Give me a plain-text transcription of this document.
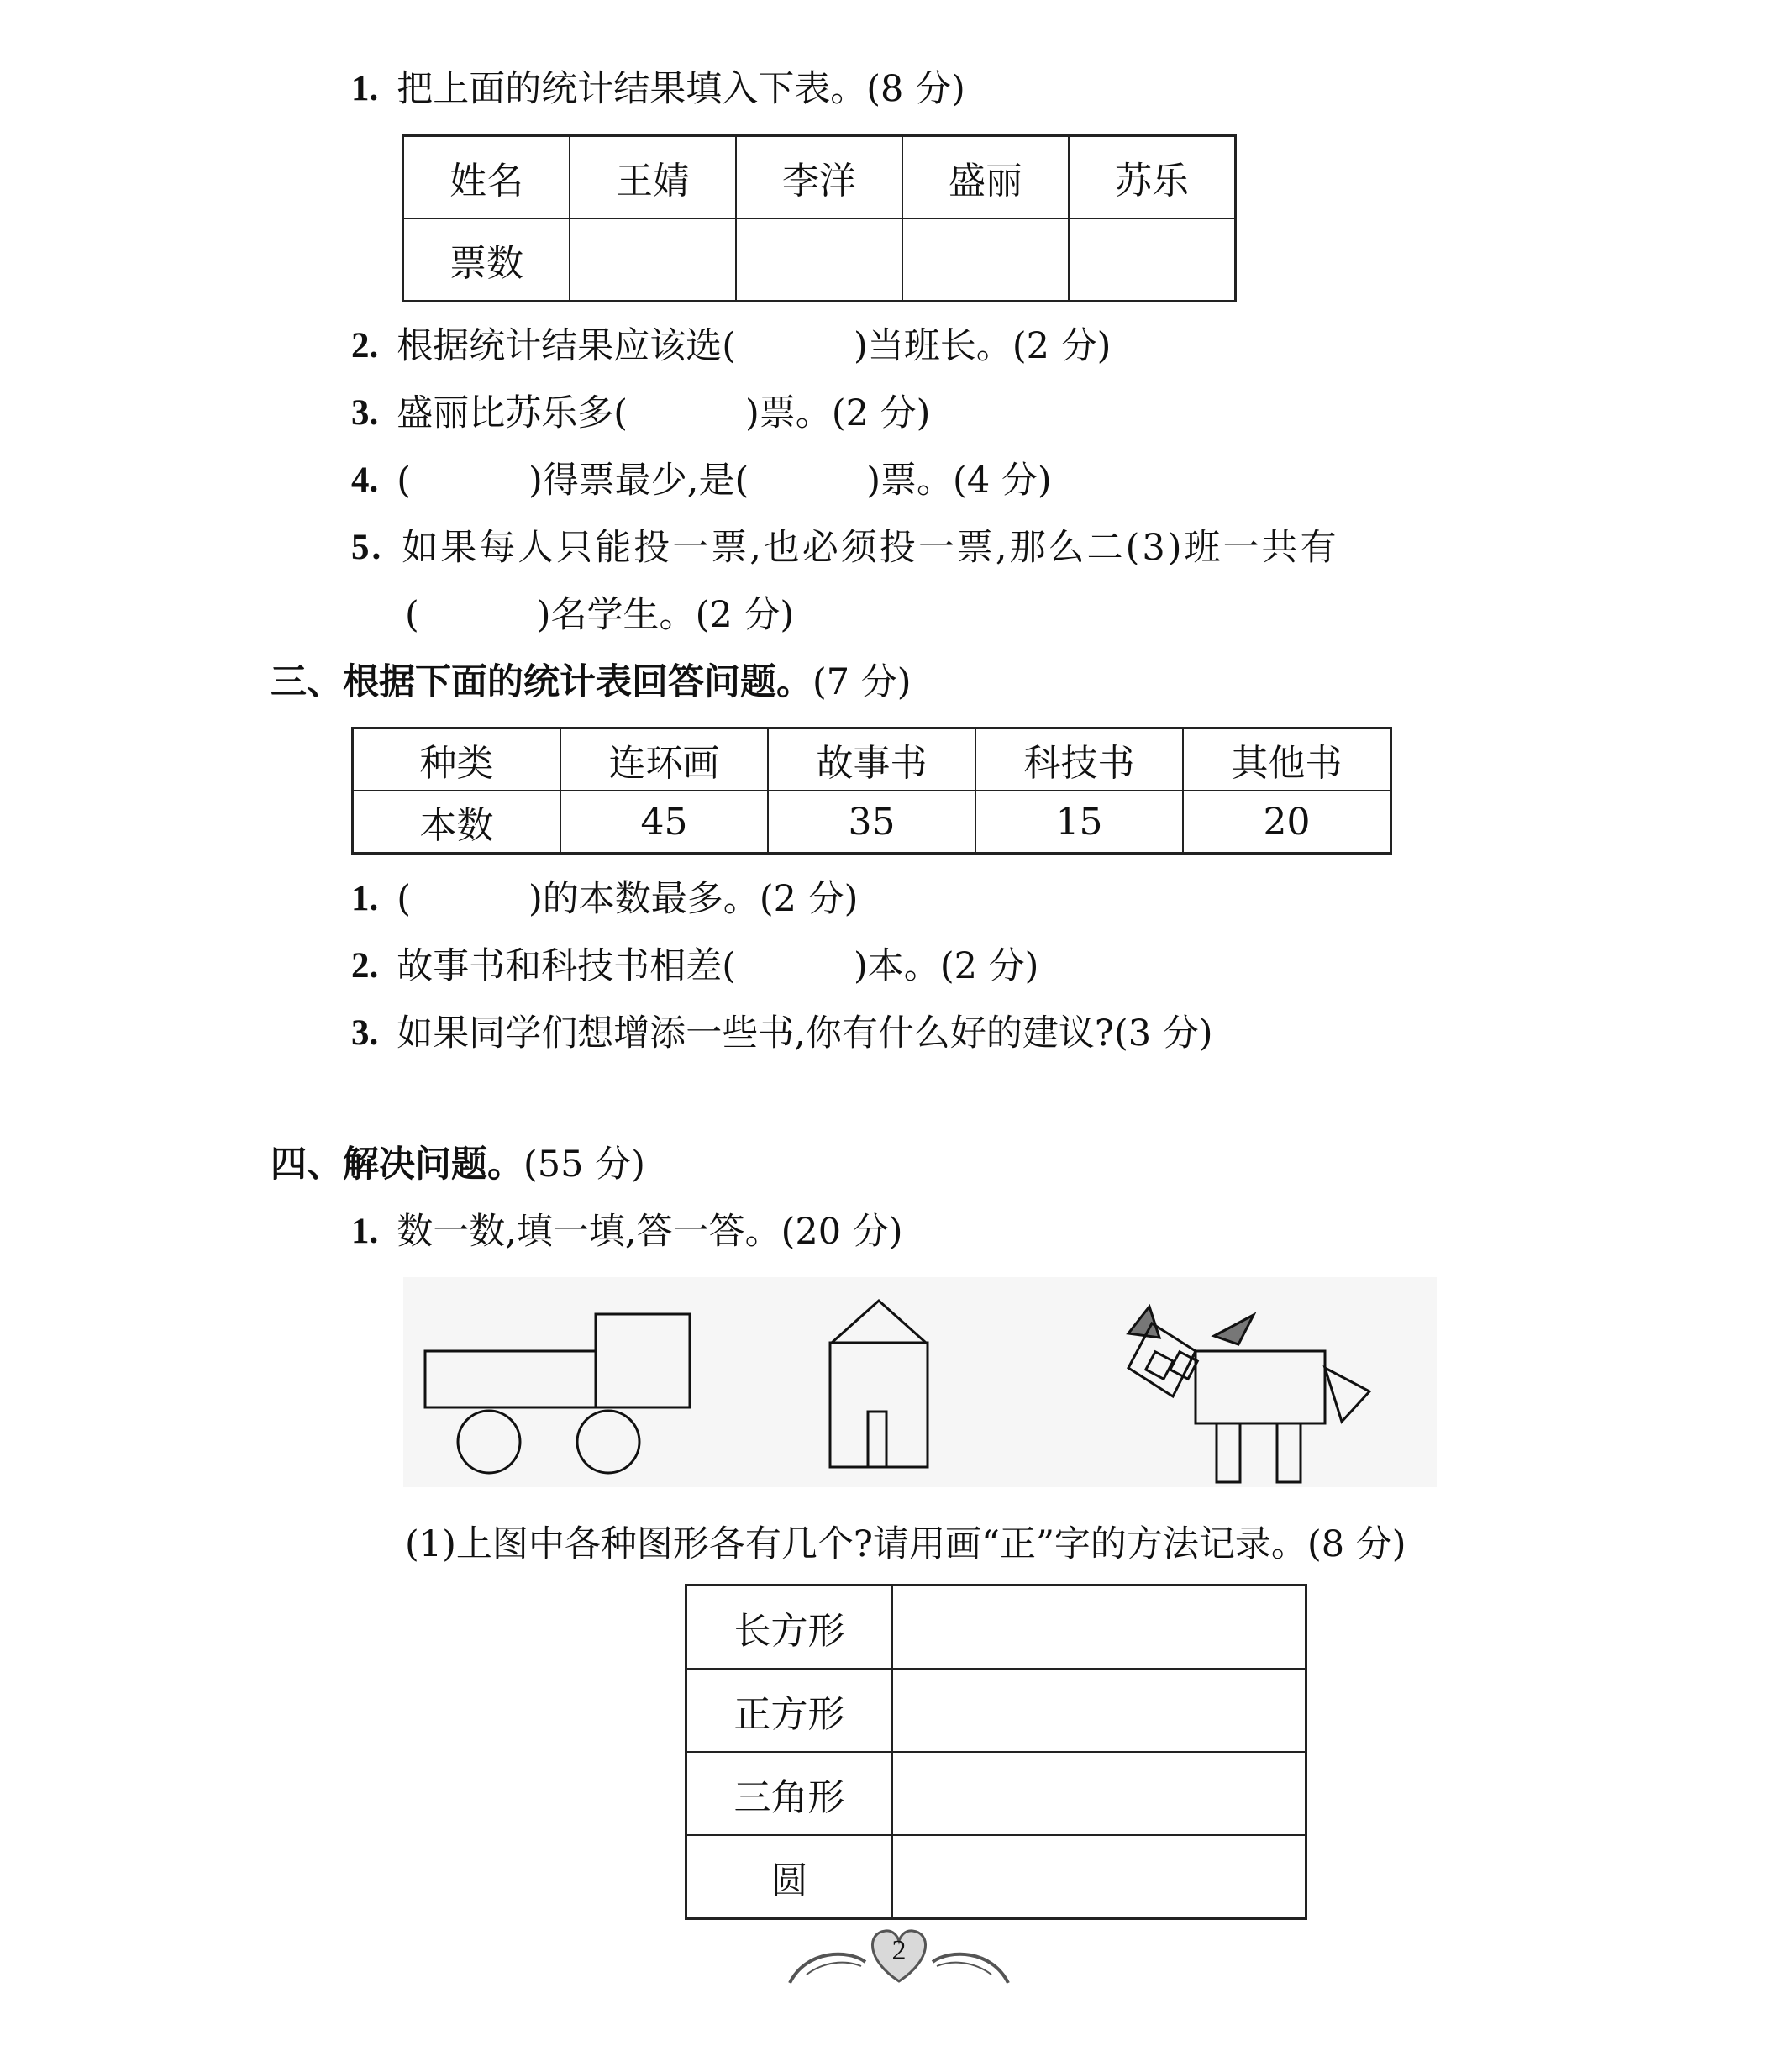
1. 把上面的统计结果填入下表。 (8 分)
姓名	王婧	李洋	盛丽	苏乐
票数				
2. 根据统计结果应该选(	)当班长。 (2 分)
3. 盛丽比苏乐多(	)票。 (2 分)
4. (	)得票最少,是(	)票。 (4 分)
5. 如果每人只能投一票,也必须投一票,那么二(3)班一共有
(	)名学生。 (2 分)
三、根据下面的统计表回答问题。 (7 分)
种类	连环画	故事书	科技书	其他书
本数	45	35	15	20
1. (	)的本数最多。 (2 分)
2. 故事书和科技书相差(	)本。 (2 分)
3. 如果同学们想增添一些书,你有什么好的建议? (3 分)
四、解决问题。 (55 分)
1. 数一数,填一填,答一答。 (20 分)
(1)上图中各种图形各有几个?请用画“正”字的方法记录。 (8 分)
长方形	
正方形	
三角形	
圆	
2
